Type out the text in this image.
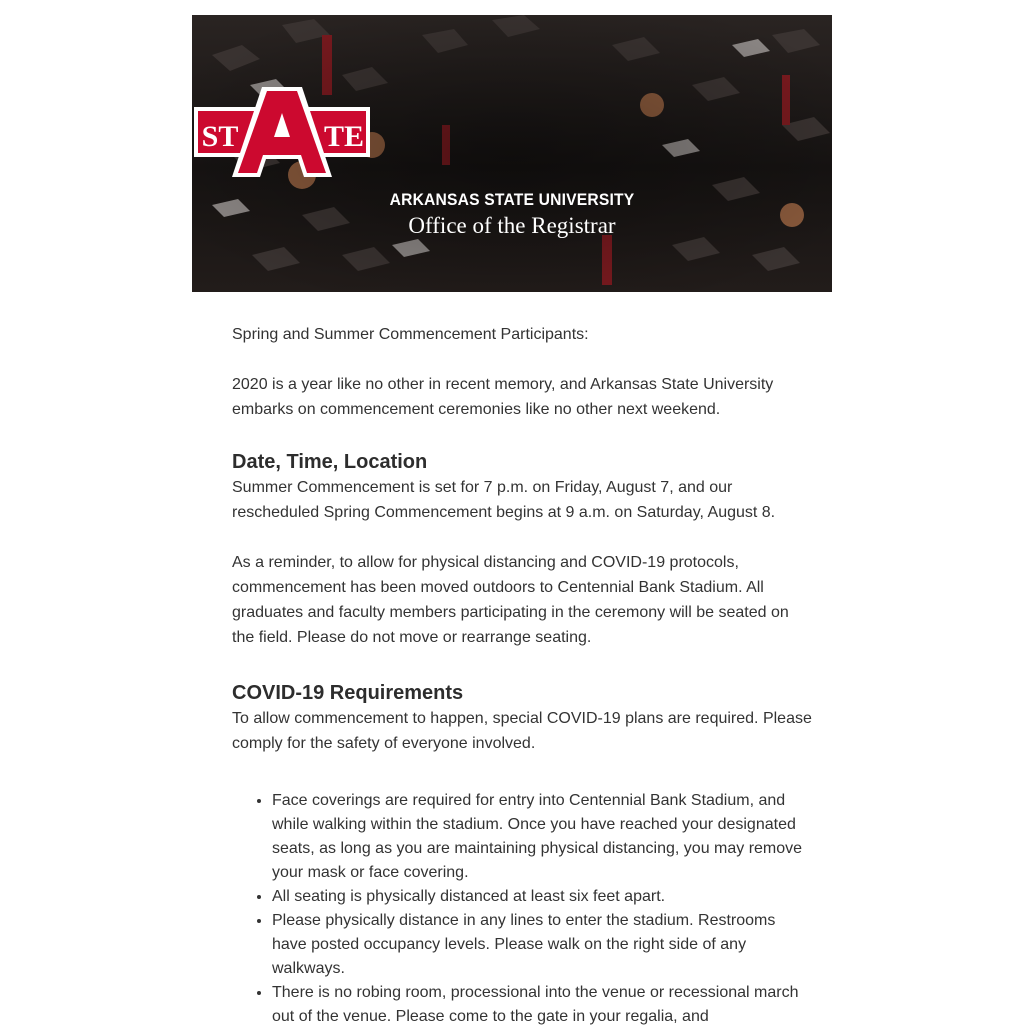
ST	TE
ARKANSAS STATE UNIVERSITY
Office of the Registrar

Spring and Summer Commencement Participants:

2020 is a year like no other in recent memory, and Arkansas State University embarks on commencement ceremonies like no other next weekend.

Date, Time, Location

Summer Commencement is set for 7 p.m. on Friday, August 7, and our rescheduled Spring Commencement begins at 9 a.m. on Saturday, August 8.

As a reminder, to allow for physical distancing and COVID-19 protocols, commencement has been moved outdoors to Centennial Bank Stadium. All graduates and faculty members participating in the ceremony will be seated on the field. Please do not move or rearrange seating.

COVID-19 Requirements

To allow commencement to happen, special COVID-19 plans are required. Please comply for the safety of everyone involved.

• Face coverings are required for entry into Centennial Bank Stadium, and while walking within the stadium. Once you have reached your designated seats, as long as you are maintaining physical distancing, you may remove your mask or face covering.
• All seating is physically distanced at least six feet apart.
• Please physically distance in any lines to enter the stadium. Restrooms have posted occupancy levels. Please walk on the right side of any walkways.
• There is no robing room, processional into the venue or recessional march out of the venue. Please come to the gate in your regalia, and
